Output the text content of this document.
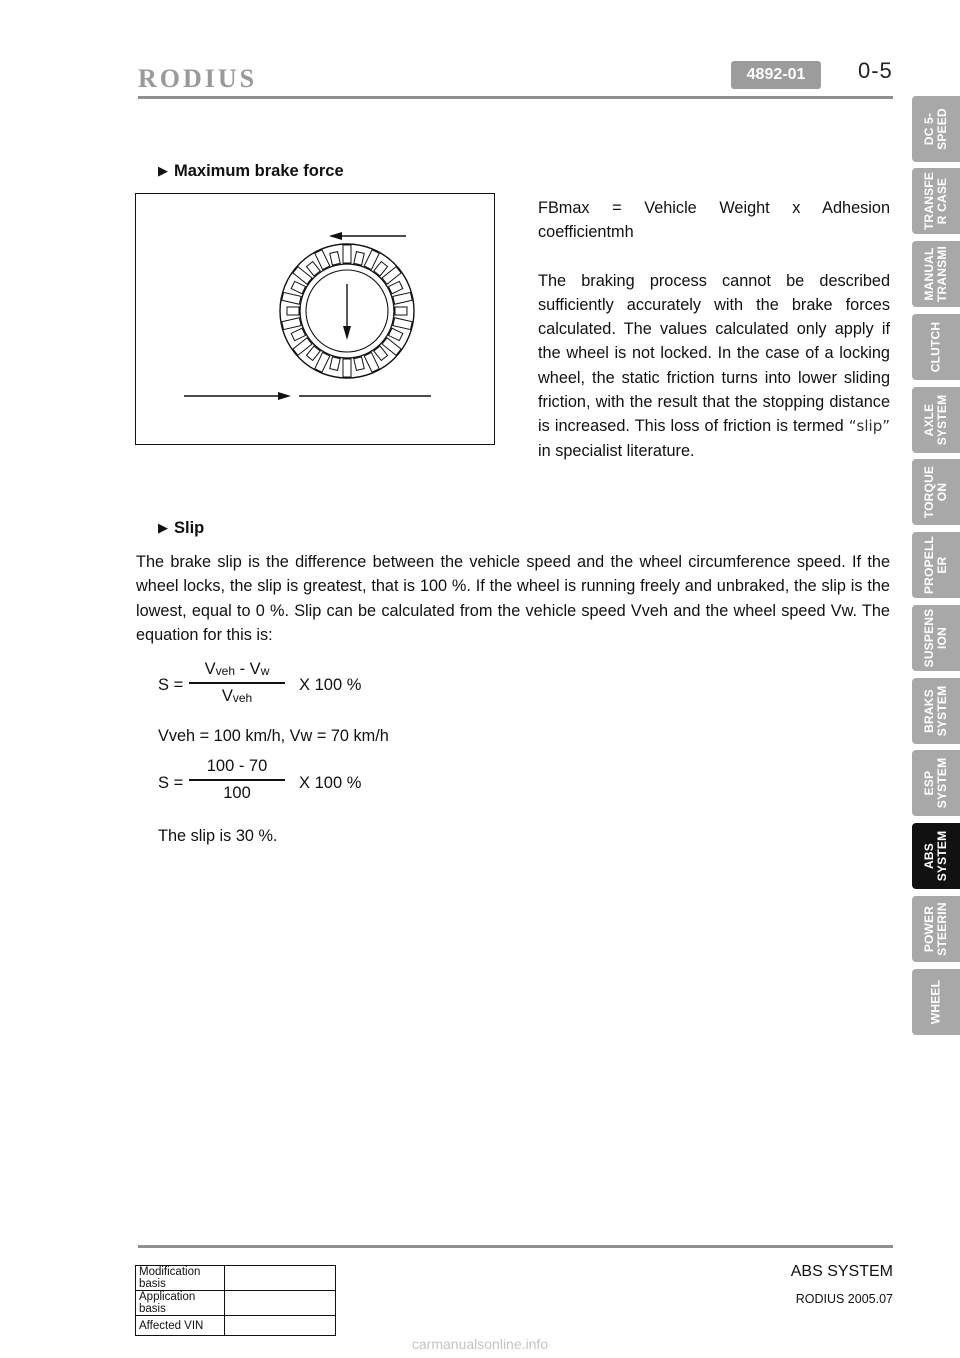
RODIUS	4892-01	0-5
DC 5-
SPEED
TRANSFE
R CASE
MANUAL
TRANSMI
CLUTCH
AXLE
SYSTEM
TORQUE
ON
PROPELL
ER
SUSPENS
ION
BRAKS
SYSTEM
ESP
SYSTEM
ABS
SYSTEM
POWER
STEERIN
WHEEL
▶ Maximum brake force
FBmax = Vehicle Weight x Adhesion
coefficientmh
The braking process cannot be described sufficiently accurately with the brake forces calculated. The values calculated only apply if the wheel is not locked. In the case of a locking wheel, the static friction turns into lower sliding friction, with the result that the stopping distance is increased. This loss of friction is termed “slip” in specialist literature.
▶ Slip
The brake slip is the difference between the vehicle speed and the wheel circumference speed. If the wheel locks, the slip is greatest, that is 100 %. If the wheel is running freely and unbraked, the slip is the lowest, equal to 0 %. Slip can be calculated from the vehicle speed Vveh and the wheel speed Vw. The equation for this is:
S =
$V_{veh} - V_w$
$V_{veh}$
X 100 %
Vveh = 100 km/h, Vw = 70 km/h
S =
100 - 70
100
X 100 %
The slip is 30 %.
Modification basis	
Application basis	
Affected VIN	
ABS SYSTEM
RODIUS 2005.07
carmanualsonline.info
